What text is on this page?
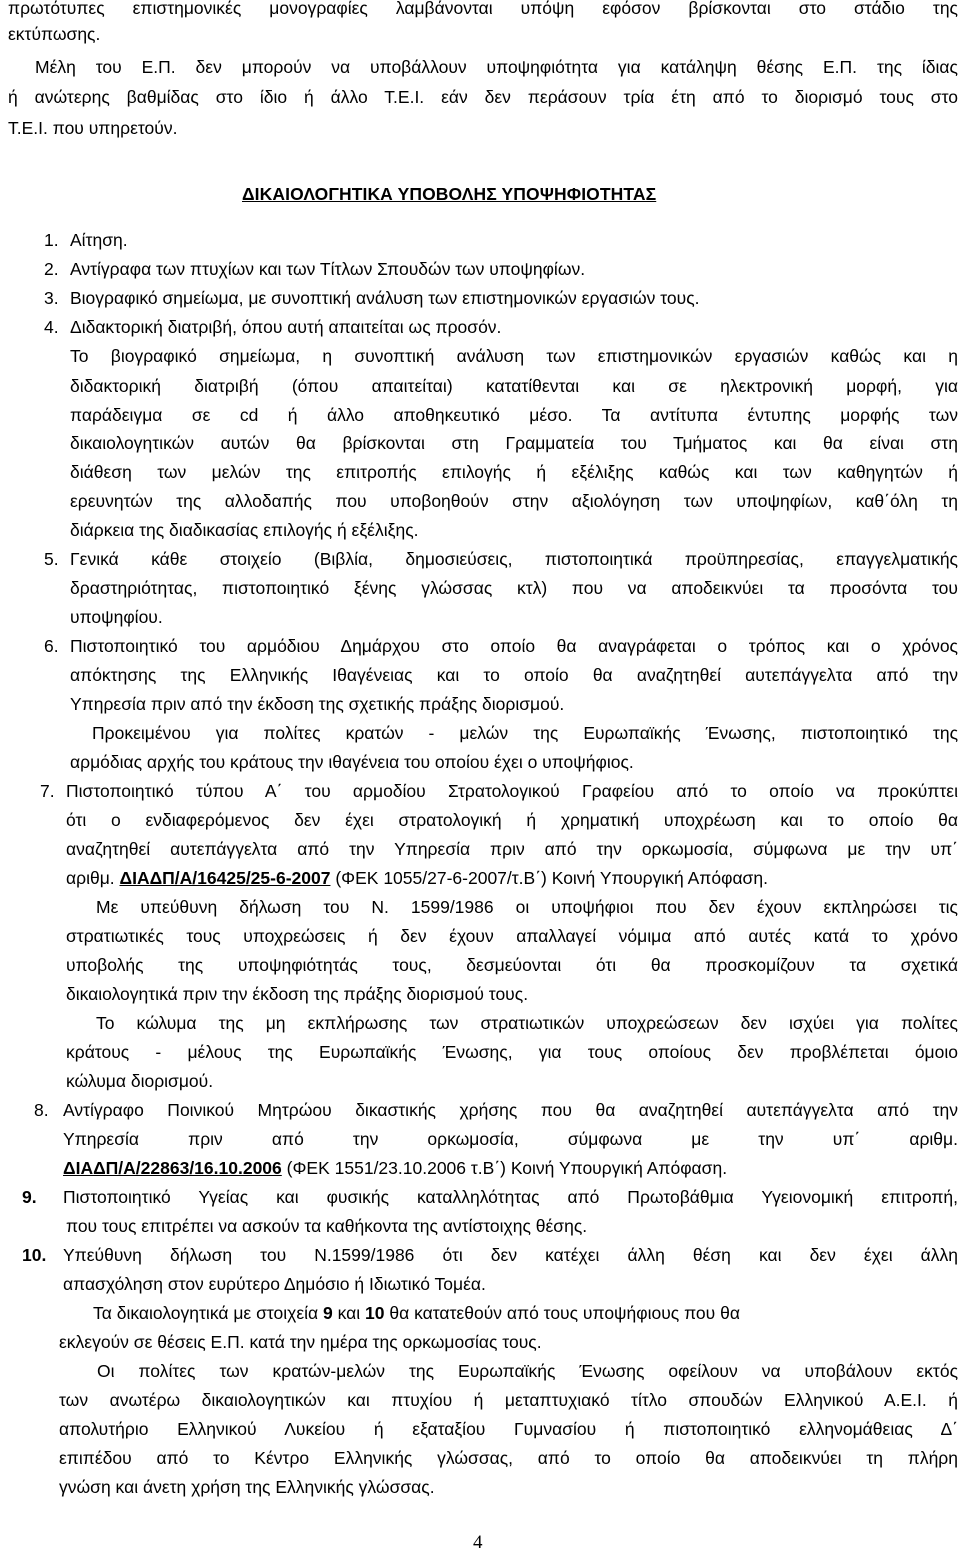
πρωτότυπες επιστημονικές μονογραφίες λαμβάνονται υπόψη εφόσον βρίσκονται στο στάδιο της
εκτύπωσης.
Μέλη του Ε.Π. δεν μπορούν να υποβάλλουν υποψηφιότητα για κατάληψη θέσης Ε.Π. της ίδιας
ή ανώτερης βαθμίδας στο ίδιο ή άλλο Τ.Ε.Ι. εάν δεν περάσουν τρία έτη από το διορισμό τους στο
Τ.Ε.Ι. που υπηρετούν.
ΔΙΚΑΙΟΛΟΓΗΤΙΚΑ ΥΠΟΒΟΛΗΣ ΥΠΟΨΗΦΙΟΤΗΤΑΣ
1. Αίτηση.
2. Αντίγραφα των πτυχίων και των Τίτλων Σπουδών των υποψηφίων.
3. Βιογραφικό σημείωμα, με συνοπτική ανάλυση των επιστημονικών εργασιών τους.
4. Διδακτορική διατριβή, όπου αυτή απαιτείται ως προσόν.
Το βιογραφικό σημείωμα, η συνοπτική ανάλυση των επιστημονικών εργασιών καθώς και η
διδακτορική διατριβή (όπου απαιτείται) κατατίθενται και σε ηλεκτρονική μορφή, για
παράδειγμα σε cd ή άλλο αποθηκευτικό μέσο. Τα αντίτυπα έντυπης μορφής των
δικαιολογητικών αυτών θα βρίσκονται στη Γραμματεία του Τμήματος και θα είναι στη
διάθεση των μελών της επιτροπής επιλογής ή εξέλιξης καθώς και των καθηγητών ή
ερευνητών της αλλοδαπής που υποβοηθούν στην αξιολόγηση των υποψηφίων, καθ΄όλη τη
διάρκεια της διαδικασίας επιλογής ή εξέλιξης.
5. Γενικά κάθε στοιχείο (Βιβλία, δημοσιεύσεις, πιστοποιητικά προϋπηρεσίας, επαγγελματικής
δραστηριότητας, πιστοποιητικό ξένης γλώσσας κτλ) που να αποδεικνύει τα προσόντα του
υποψηφίου.
6. Πιστοποιητικό του αρμόδιου Δημάρχου στο οποίο θα αναγράφεται ο τρόπος και ο χρόνος
απόκτησης της Ελληνικής Ιθαγένειας και το οποίο θα αναζητηθεί αυτεπάγγελτα από την
Υπηρεσία πριν από την έκδοση της σχετικής πράξης διορισμού.
Προκειμένου για πολίτες κρατών - μελών της Ευρωπαϊκής Ένωσης, πιστοποιητικό της
αρμόδιας αρχής του κράτους την ιθαγένεια του οποίου έχει ο υποψήφιος.
7. Πιστοποιητικό τύπου Α΄ του αρμοδίου Στρατολογικού Γραφείου από το οποίο να προκύπτει
ότι ο ενδιαφερόμενος δεν έχει στρατολογική ή χρηματική υποχρέωση και το οποίο θα
αναζητηθεί αυτεπάγγελτα από την Υπηρεσία πριν από την ορκωμοσία, σύμφωνα με την υπ΄
αριθμ. ΔΙΑΔΠ/Α/16425/25-6-2007 (ΦΕΚ 1055/27-6-2007/τ.Β΄) Κοινή Υπουργική Απόφαση.
Με υπεύθυνη δήλωση του Ν. 1599/1986 οι υποψήφιοι που δεν έχουν εκπληρώσει τις
στρατιωτικές τους υποχρεώσεις ή δεν έχουν απαλλαγεί νόμιμα από αυτές κατά το χρόνο
υποβολής της υποψηφιότητάς τους, δεσμεύονται ότι θα προσκομίζουν τα σχετικά
δικαιολογητικά πριν την έκδοση της πράξης διορισμού τους.
Το κώλυμα της μη εκπλήρωσης των στρατιωτικών υποχρεώσεων δεν ισχύει για πολίτες
κράτους - μέλους της Ευρωπαϊκής Ένωσης, για τους οποίους δεν προβλέπεται όμοιο
κώλυμα διορισμού.
8. Αντίγραφο Ποινικού Μητρώου δικαστικής χρήσης που θα αναζητηθεί αυτεπάγγελτα από την
Υπηρεσία πριν από την ορκωμοσία, σύμφωνα με την υπ΄ αριθμ.
ΔΙΑΔΠ/Α/22863/16.10.2006 (ΦΕΚ 1551/23.10.2006 τ.Β΄) Κοινή Υπουργική Απόφαση.
9. Πιστοποιητικό Υγείας και φυσικής καταλληλότητας από Πρωτοβάθμια Υγειονομική επιτροπή,
που τους επιτρέπει να ασκούν τα καθήκοντα της αντίστοιχης θέσης.
10. Υπεύθυνη δήλωση του Ν.1599/1986 ότι δεν κατέχει άλλη θέση και δεν έχει άλλη
απασχόληση στον ευρύτερο Δημόσιο ή Ιδιωτικό Τομέα.
Τα δικαιολογητικά με στοιχεία 9 και 10 θα κατατεθούν από τους υποψήφιους που θα
εκλεγούν σε θέσεις Ε.Π. κατά την ημέρα της ορκωμοσίας τους.
Οι πολίτες των κρατών-μελών της Ευρωπαϊκής Ένωσης οφείλουν να υποβάλουν εκτός
των ανωτέρω δικαιολογητικών και πτυχίου ή μεταπτυχιακό τίτλο σπουδών Ελληνικού Α.Ε.Ι. ή
απολυτήριο Ελληνικού Λυκείου ή εξαταξίου Γυμνασίου ή πιστοποιητικό ελληνομάθειας Δ΄
επιπέδου από το Κέντρο Ελληνικής γλώσσας, από το οποίο θα αποδεικνύει τη πλήρη
γνώση και άνετη χρήση της Ελληνικής γλώσσας.
4
